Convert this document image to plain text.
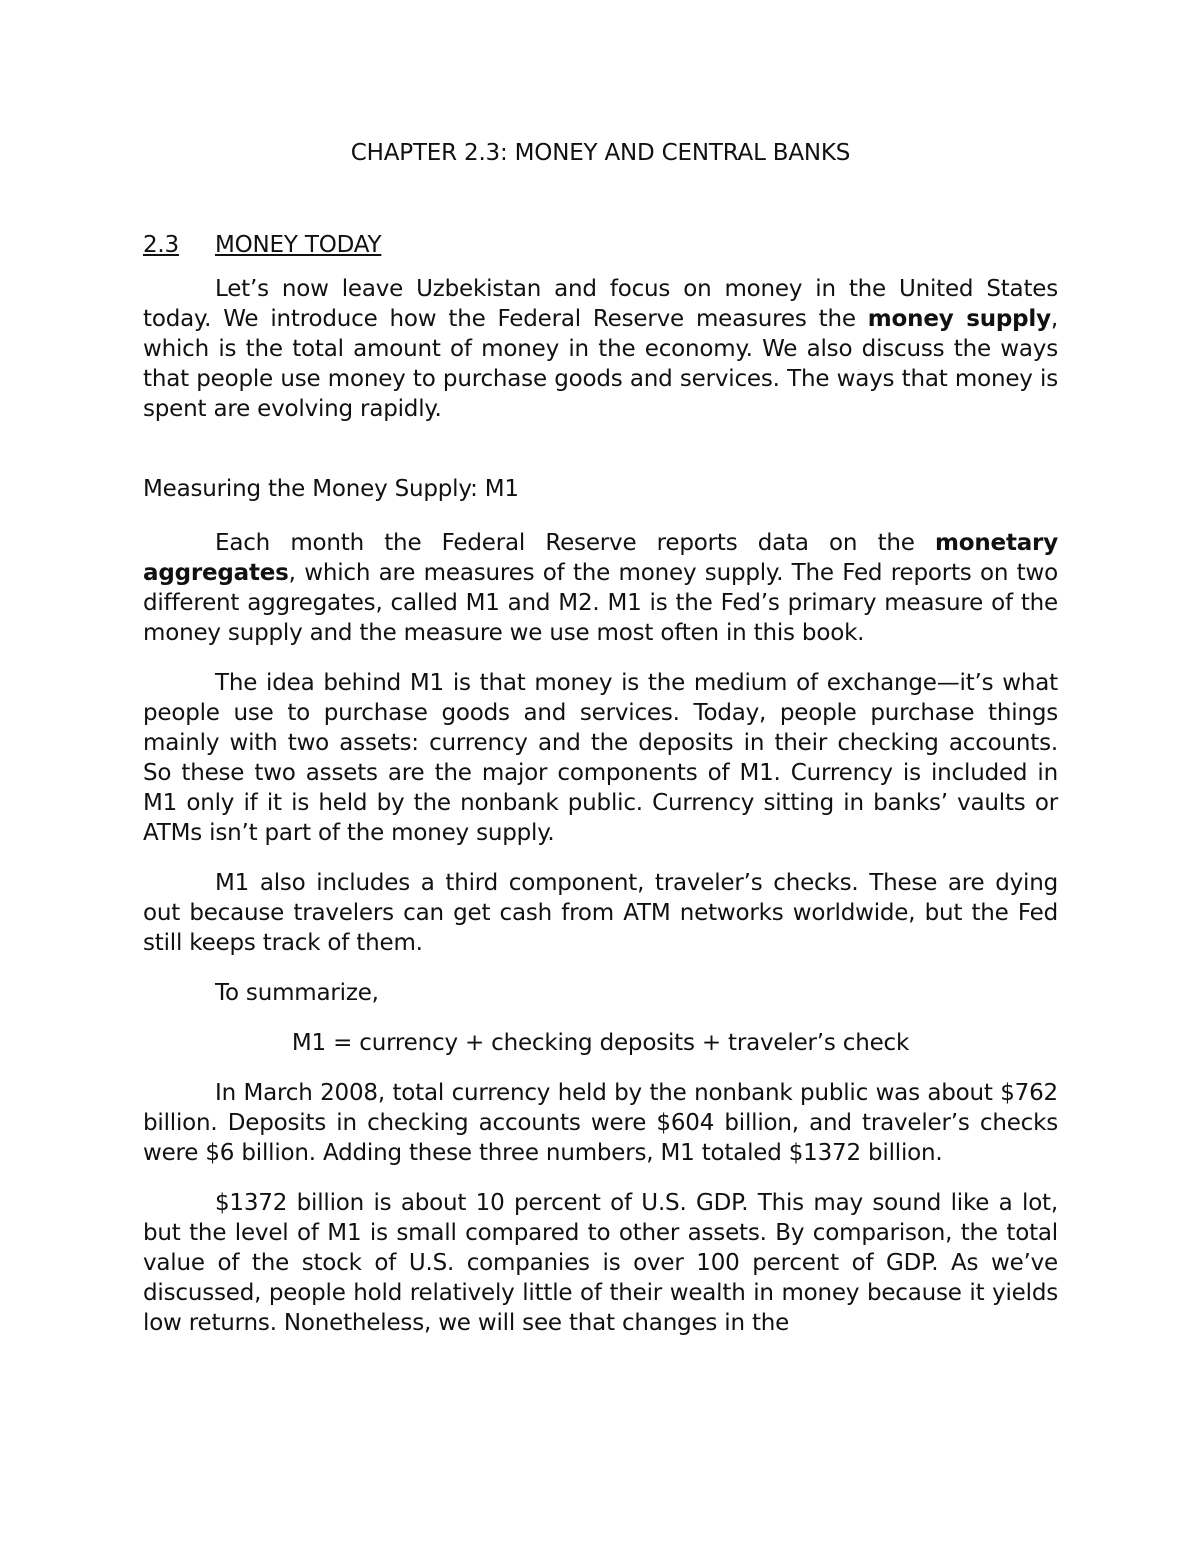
CHAPTER 2.3: MONEY AND CENTRAL BANKS
2.3 MONEY TODAY

Let’s now leave Uzbekistan and focus on money in the United States today. We introduce how the Federal Reserve measures the money supply, which is the total amount of money in the economy. We also discuss the ways that people use money to purchase goods and services. The ways that money is spent are evolving rapidly.

Measuring the Money Supply: M1

Each month the Federal Reserve reports data on the monetary aggregates, which are measures of the money supply. The Fed reports on two different aggregates, called M1 and M2. M1 is the Fed’s primary measure of the money supply and the measure we use most often in this book.

The idea behind M1 is that money is the medium of exchange—it’s what people use to purchase goods and services. Today, people purchase things mainly with two assets: currency and the deposits in their checking accounts. So these two assets are the major components of M1. Currency is included in M1 only if it is held by the nonbank public. Currency sitting in banks’ vaults or ATMs isn’t part of the money supply.

M1 also includes a third component, traveler’s checks. These are dying out because travelers can get cash from ATM networks worldwide, but the Fed still keeps track of them.

To summarize,

M1 = currency + checking deposits + traveler’s check

In March 2008, total currency held by the nonbank public was about $762 billion. Deposits in checking accounts were $604 billion, and traveler’s checks were $6 billion. Adding these three numbers, M1 totaled $1372 billion.

$1372 billion is about 10 percent of U.S. GDP. This may sound like a lot, but the level of M1 is small compared to other assets. By comparison, the total value of the stock of U.S. companies is over 100 percent of GDP. As we’ve discussed, people hold relatively little of their wealth in money because it yields low returns. Nonetheless, we will see that changes in the
